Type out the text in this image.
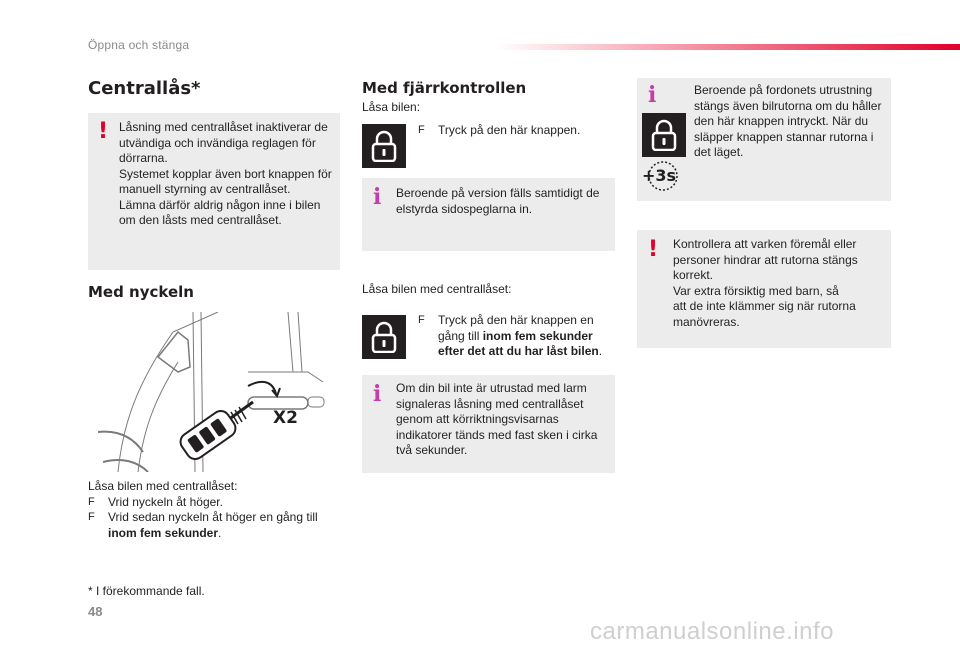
Öppna och stänga
Centrallås*
! Låsning med centrallåset inaktiverar de

utvändiga och invändiga reglagen för

dörrarna.

Systemet kopplar även bort knappen för

manuell styrning av centrallåset.

Lämna därför aldrig någon inne i bilen

om den låsts med centrallåset.

Med nyckeln
X2

Låsa bilen med centrallåset:

F	Vrid nyckeln åt höger.
F	Vrid sedan nyckeln åt höger en gång till
inom fem sekunder.
* I förekommande fall.
Med fjärrkontrollen
Låsa bilen:
F	Tryck på den här knappen.
i Beroende på version fälls samtidigt de

elstyrda sidospeglarna in.

Låsa bilen med centrallåset:
F	Tryck på den här knappen en
gång till inom fem sekunder
efter det att du har låst bilen.
i Om din bil inte är utrustad med larm

signaleras låsning med centrallåset

genom att körriktningsvisarnas

indikatorer tänds med fast sken i cirka

två sekunder.

i
+3s

Beroende på fordonets utrustning

stängs även bilrutorna om du håller

den här knappen intryckt. När du

släpper knappen stannar rutorna i

det läget.

! Kontrollera att varken föremål eller

personer hindrar att rutorna stängs

korrekt.

Var extra försiktig med barn, så

att de inte klämmer sig när rutorna

manövreras.

48
carmanualsonline.info
